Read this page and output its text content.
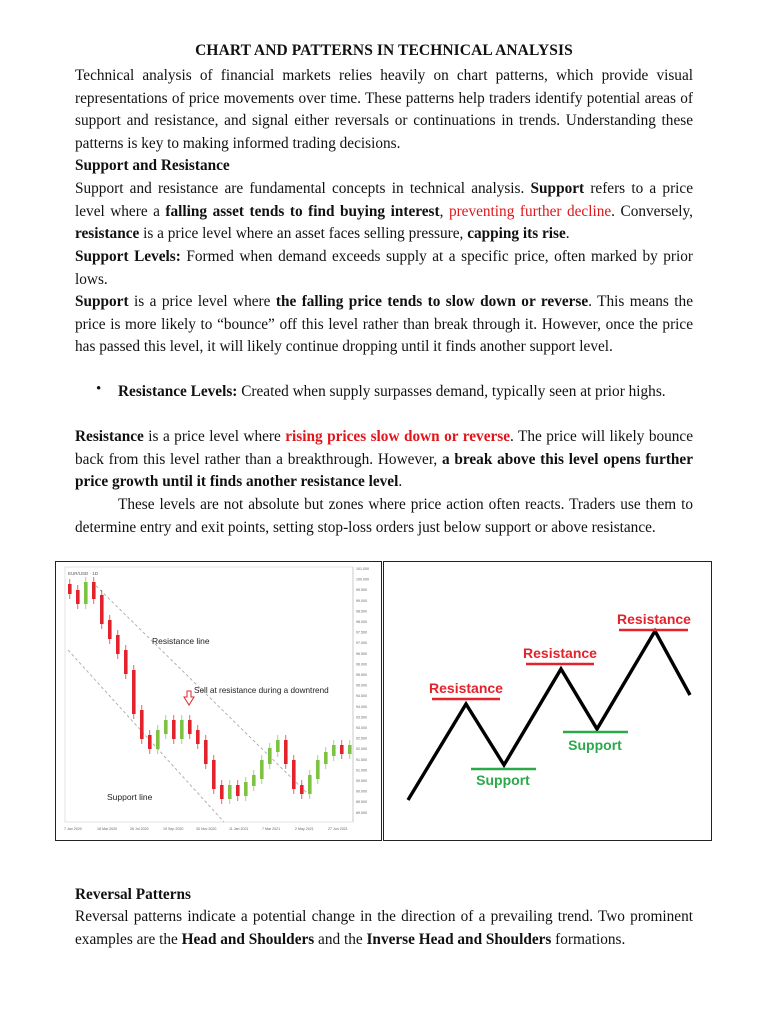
CHART AND PATTERNS IN TECHNICAL ANALYSIS
Technical analysis of financial markets relies heavily on chart patterns, which provide visual representations of price movements over time. These patterns help traders identify potential areas of support and resistance, and signal either reversals or continuations in trends. Understanding these patterns is key to making informed trading decisions.
Support and Resistance
Support and resistance are fundamental concepts in technical analysis. Support refers to a price level where a falling asset tends to find buying interest, preventing further decline. Conversely, resistance is a price level where an asset faces selling pressure, capping its rise.
Support Levels: Formed when demand exceeds supply at a specific price, often marked by prior lows.
Support is a price level where the falling price tends to slow down or reverse. This means the price is more likely to “bounce” off this level rather than break through it. However, once the price has passed this level, it will likely continue dropping until it finds another support level.
• Resistance Levels: Created when supply surpasses demand, typically seen at prior highs.
Resistance is a price level where rising prices slow down or reverse. The price will likely bounce back from this level rather than a breakthrough. However, a break above this level opens further price growth until it finds another resistance level.
These levels are not absolute but zones where price action often reacts. Traders use them to determine entry and exit points, setting stop-loss orders just below support or above resistance.
EUR/USD · 1D
101.000
100.000
99.500
99.000
98.500
98.000
97.500
97.000
96.500
96.000
95.500
95.000
94.500
94.000
93.500
93.000
92.500
92.000
91.500
91.000
90.500
90.000
89.500
89.000
7 Jan 2020	18 Mar 2020	26 Jul 2020	19 Sep 2020	30 Nov 2020	11 Jan 2021	7 Mar 2021	2 May 2021	27 Jun 2021
Resistance line
Support line
Sell at resistance during a downtrend	Resistance
Resistance
Resistance
Support
Support
Reversal Patterns
Reversal patterns indicate a potential change in the direction of a prevailing trend. Two prominent examples are the Head and Shoulders and the Inverse Head and Shoulders formations.
